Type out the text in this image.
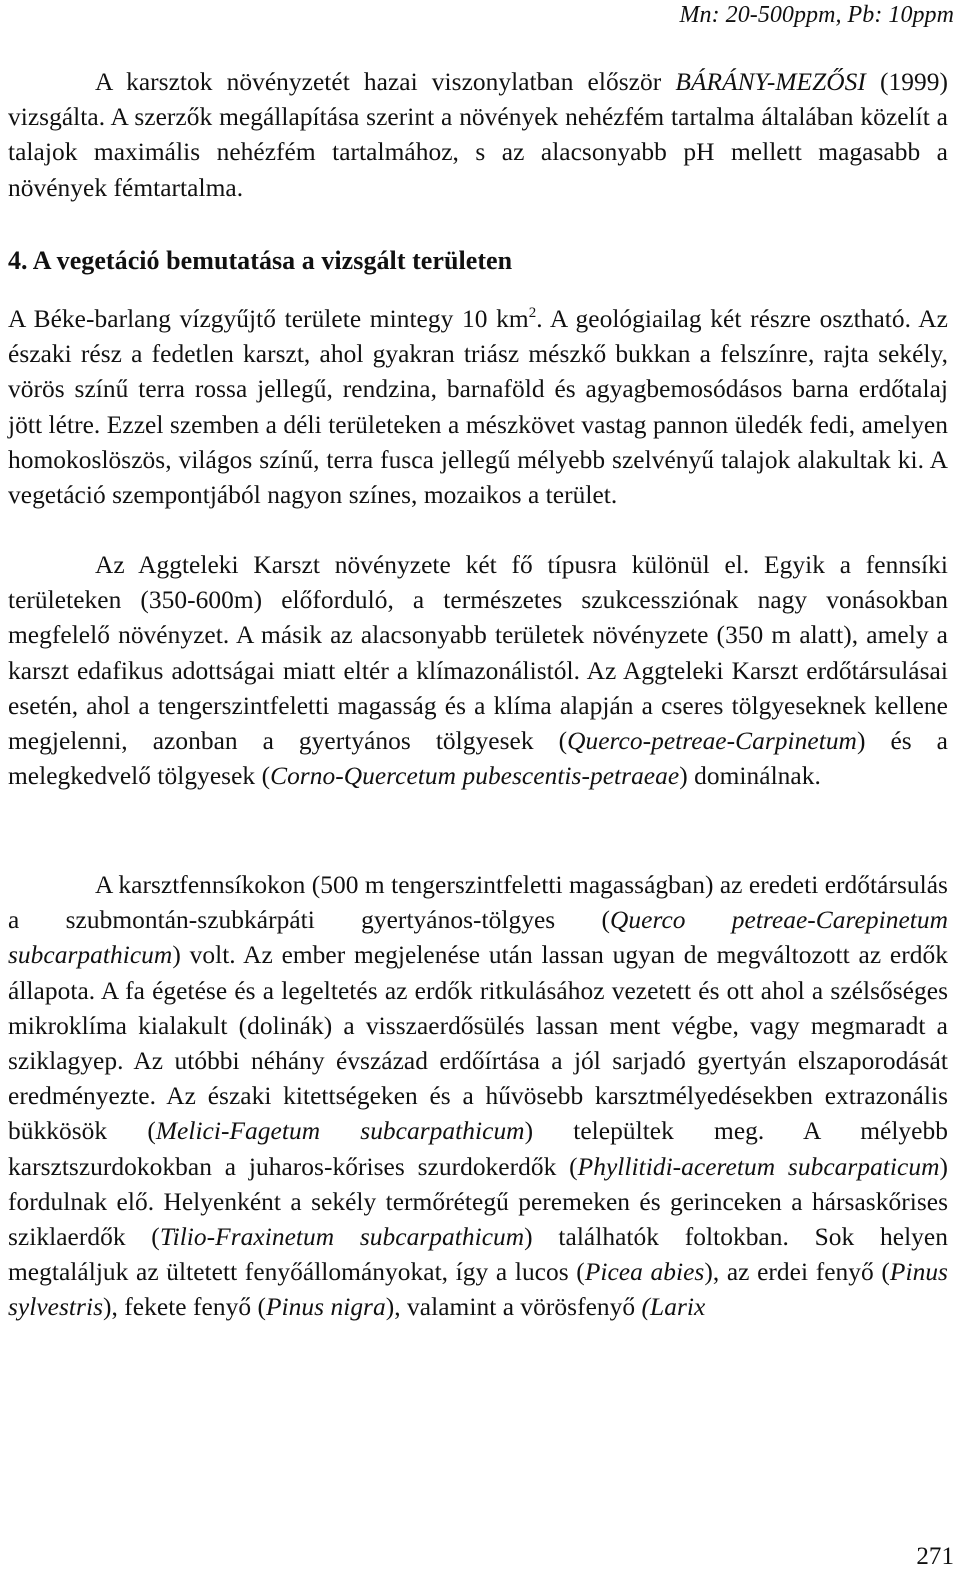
Mn: 20-500ppm, Pb: 10ppm

A karsztok növényzetét hazai viszonylatban először BÁRÁNY-MEZŐSI (1999) vizsgálta. A szerzők megállapítása szerint a növények nehézfém tartalma általában közelít a talajok maximális nehézfém tartalmához, s az alacsonyabb pH mellett magasabb a növények fémtartalma.

4. A vegetáció bemutatása a vizsgált területen

A Béke-barlang vízgyűjtő területe mintegy 10 $km^2$. A geológiailag két részre osztható. Az északi rész a fedetlen karszt, ahol gyakran triász mészkő bukkan a felszínre, rajta sekély, vörös színű terra rossa jellegű, rendzina, barnaföld és agyagbemosódásos barna erdőtalaj jött létre. Ezzel szemben a déli területeken a mészkövet vastag pannon üledék fedi, amelyen homokoslöszös, világos színű, terra fusca jellegű mélyebb szelvényű talajok alakultak ki. A vegetáció szempontjából nagyon színes, mozaikos a terület.

Az Aggteleki Karszt növényzete két fő típusra különül el. Egyik a fennsíki területeken (350-600m) előforduló, a természetes szukcessziónak nagy vonásokban megfelelő növényzet. A másik az alacsonyabb területek növényzete (350 m alatt), amely a karszt edafikus adottságai miatt eltér a klímazonálistól. Az Aggteleki Karszt erdőtársulásai esetén, ahol a tengerszintfeletti magasság és a klíma alapján a cseres tölgyeseknek kellene megjelenni, azonban a gyertyános tölgyesek (Querco-petreae-Carpinetum) és a melegkedvelő tölgyesek (Corno-Quercetum pubescentis-petraeae) dominálnak.

A karsztfennsíkokon (500 m tengerszintfeletti magasságban) az eredeti erdőtársulás a szubmontán-szubkárpáti gyertyános-tölgyes (Querco petreae-Carepinetum subcarpathicum) volt. Az ember megjelenése után lassan ugyan de megváltozott az erdők állapota. A fa égetése és a legeltetés az erdők ritkulásához vezetett és ott ahol a szélsőséges mikroklíma kialakult (dolinák) a visszaerdősülés lassan ment végbe, vagy megmaradt a sziklagyep. Az utóbbi néhány évszázad erdőírtása a jól sarjadó gyertyán elszaporodását eredményezte. Az északi kitettségeken és a hűvösebb karsztmélyedésekben extrazonális bükkösök (Melici-Fagetum subcarpathicum) települtek meg. A mélyebb karsztszurdokokban a juharos-kőrises szurdokerdők (Phyllitidi-aceretum subcarpaticum) fordulnak elő. Helyenként a sekély termőrétegű peremeken és gerinceken a hársaskőrises sziklaerdők (Tilio-Fraxinetum subcarpathicum) találhatók foltokban. Sok helyen megtaláljuk az ültetett fenyőállományokat, így a lucos (Picea abies), az erdei fenyő (Pinus sylvestris), fekete fenyő (Pinus nigra), valamint a vörösfenyő (Larix

271
